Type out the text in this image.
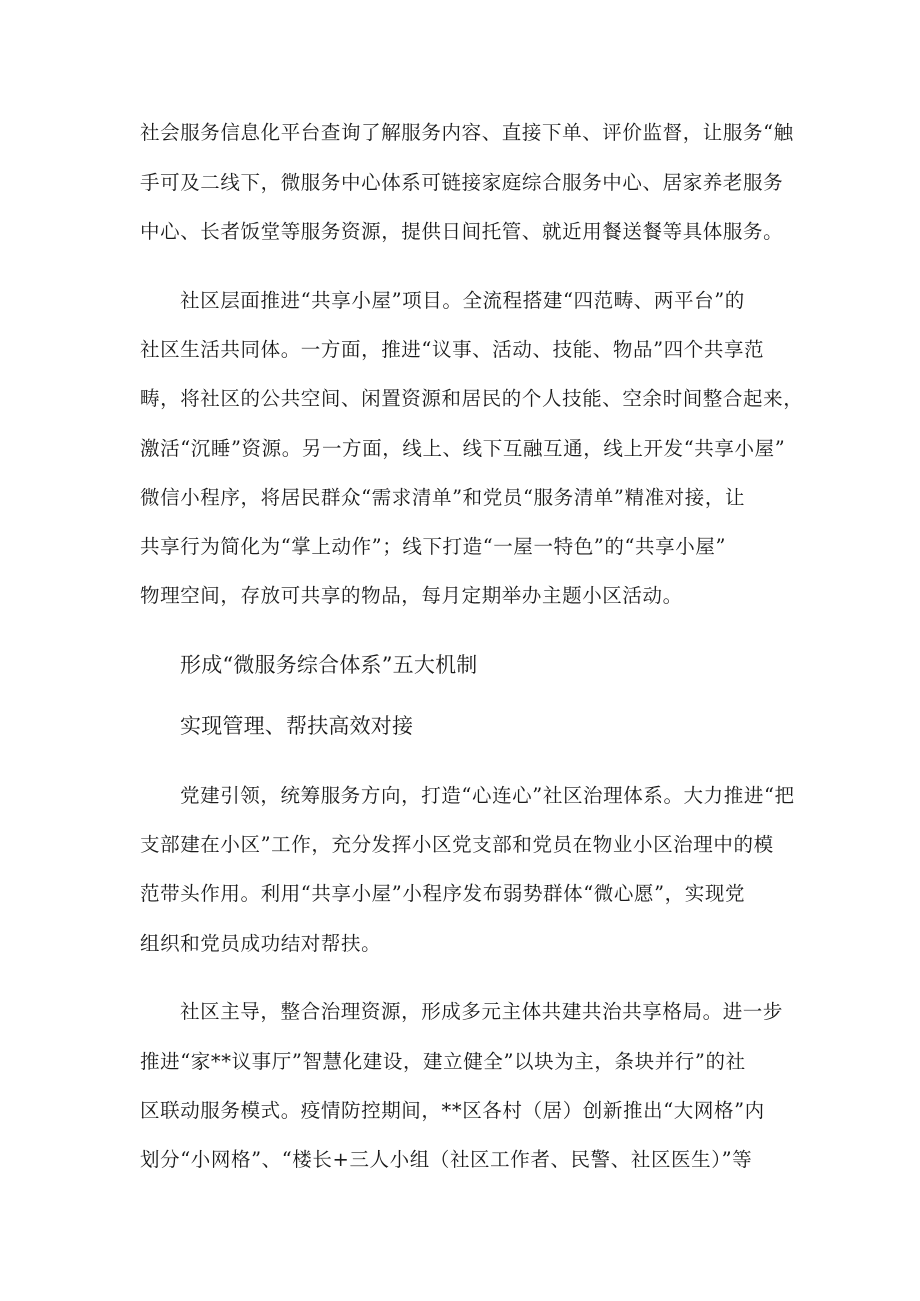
社会服务信息化平台查询了解服务内容、直接下单、评价监督，让服务“触
手可及二线下，微服务中心体系可链接家庭综合服务中心、居家养老服务
中心、长者饭堂等服务资源，提供日间托管、就近用餐送餐等具体服务。
社区层面推进“共享小屋”项目。全流程搭建“四范畴、两平台”的
社区生活共同体。一方面，推进“议事、活动、技能、物品”四个共享范
畴，将社区的公共空间、闲置资源和居民的个人技能、空余时间整合起来，
激活“沉睡”资源。另一方面，线上、线下互融互通，线上开发“共享小屋”
微信小程序，将居民群众“需求清单”和党员“服务清单”精准对接，让
共享行为简化为“掌上动作”；线下打造“一屋一特色”的“共享小屋”
物理空间，存放可共享的物品，每月定期举办主题小区活动。
形成“微服务综合体系”五大机制
实现管理、帮扶高效对接
党建引领，统筹服务方向，打造“心连心”社区治理体系。大力推进“把
支部建在小区”工作，充分发挥小区党支部和党员在物业小区治理中的模
范带头作用。利用“共享小屋”小程序发布弱势群体“微心愿”，实现党
组织和党员成功结对帮扶。
社区主导，整合治理资源，形成多元主体共建共治共享格局。进一步
推进“家**议事厅”智慧化建设，建立健全”以块为主，条块并行”的社
区联动服务模式。疫情防控期间，**区各村（居）创新推出“大网格”内
划分“小网格”、“楼长+三人小组（社区工作者、民警、社区医生）”等
